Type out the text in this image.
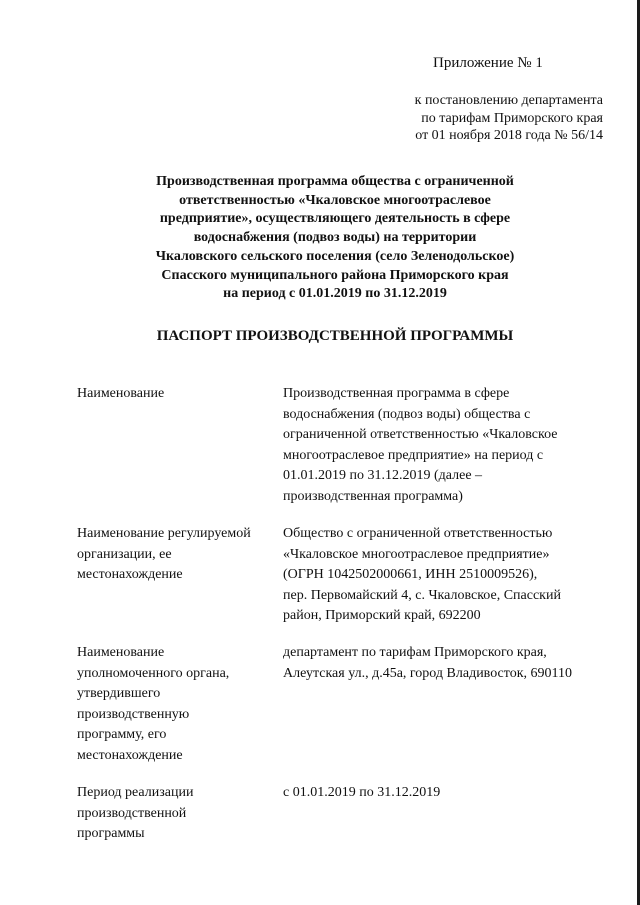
Приложение № 1
к постановлению департамента
по тарифам Приморского края
от 01 ноября 2018 года № 56/14
Производственная программа общества с ограниченной
ответственностью «Чкаловское многоотраслевое
предприятие», осуществляющего деятельность в сфере
водоснабжения (подвоз воды) на территории
Чкаловского сельского поселения (село Зеленодольское)
Спасского муниципального района Приморского края
на период с 01.01.2019 по 31.12.2019
ПАСПОРТ ПРОИЗВОДСТВЕННОЙ ПРОГРАММЫ
Наименование	Производственная программа в сфере
водоснабжения (подвоз воды) общества с
ограниченной ответственностью «Чкаловское
многоотраслевое предприятие» на период с
01.01.2019 по 31.12.2019 (далее –
производственная программа)
Наименование регулируемой
организации, ее
местонахождение
Общество с ограниченной ответственностью
«Чкаловское многоотраслевое предприятие»
(ОГРН 1042502000661, ИНН 2510009526),
пер. Первомайский 4, с. Чкаловское, Спасский
район, Приморский край, 692200
Наименование
уполномоченного органа,
утвердившего
производственную
программу, его
местонахождение
департамент по тарифам Приморского края,
Алеутская ул., д.45а, город Владивосток, 690110
Период реализации
производственной
программы
с 01.01.2019 по 31.12.2019
